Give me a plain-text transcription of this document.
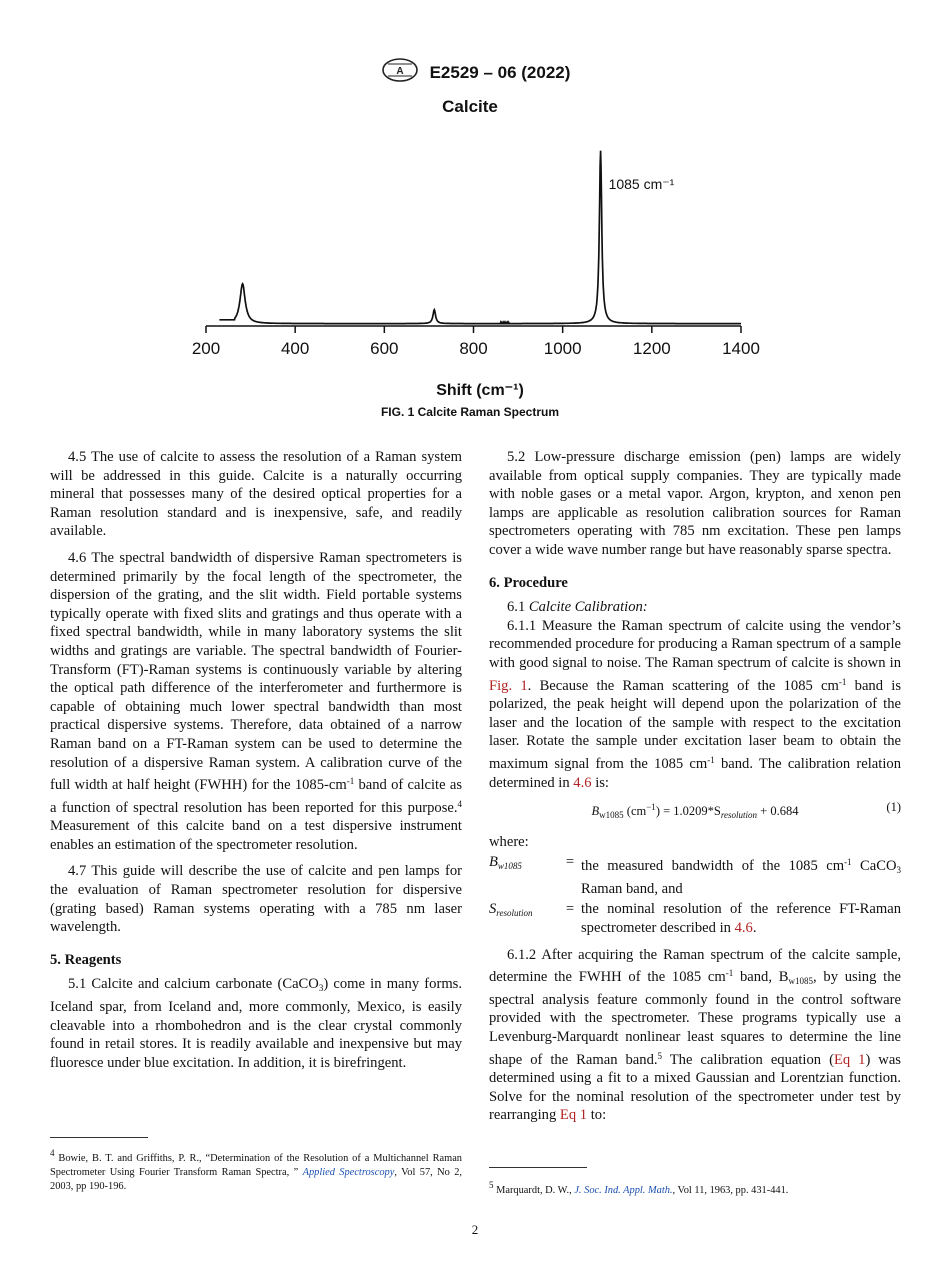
A E2529 – 06 (2022)
Calcite
200	400	600	800	1000	1200	1400
1085 cm⁻¹
Shift (cm⁻¹)
FIG. 1 Calcite Raman Spectrum

4.5 The use of calcite to assess the resolution of a Raman system will be addressed in this guide. Calcite is a naturally occurring mineral that possesses many of the desired optical properties for a Raman resolution standard and is inexpensive, safe, and readily available.

4.6 The spectral bandwidth of dispersive Raman spectrometers is determined primarily by the focal length of the spectrometer, the dispersion of the grating, and the slit width. Field portable systems typically operate with fixed slits and gratings and thus operate with a fixed spectral bandwidth, while in many laboratory systems the slit widths and gratings are variable. The spectral bandwidth of Fourier-Transform (FT)-Raman systems is continuously variable by altering the optical path difference of the interferometer and furthermore is capable of obtaining much lower spectral bandwidth than most practical dispersive systems. Therefore, data obtained of a narrow Raman band on a FT-Raman system can be used to determine the resolution of a dispersive Raman system. A calibration curve of the full width at half height (FWHH) for the $1085-cm^{-1}$ band of calcite as a function of spectral resolution has been reported for this purpose.$^4$ Measurement of this calcite band on a test dispersive instrument enables an estimation of the spectrometer resolution.

4.7 This guide will describe the use of calcite and pen lamps for the evaluation of Raman spectrometer resolution for dispersive (grating based) Raman systems operating with a 785 nm laser wavelength.

5. Reagents

5.1 Calcite and calcium carbonate (CaCO$_3$) come in many forms. Iceland spar, from Iceland and, more commonly, Mexico, is easily cleavable into a rhombohedron and is the clear crystal commonly found in retail stores. It is readily available and inexpensive but may fluoresce under blue excitation. In addition, it is birefringent.

$^4$ Bowie, B. T. and Griffiths, P. R., “Determination of the Resolution of a Multichannel Raman Spectrometer Using Fourier Transform Raman Spectra, ” Applied Spectroscopy, Vol 57, No 2, 2003, pp 190-196.

5.2 Low-pressure discharge emission (pen) lamps are widely available from optical supply companies. They are typically made with noble gases or a metal vapor. Argon, krypton, and xenon pen lamps are applicable as resolution calibration sources for Raman spectrometers operating with 785 nm excitation. These pen lamps cover a wide wave number range but have reasonably sparse spectra.

6. Procedure

6.1 Calcite Calibration:

6.1.1 Measure the Raman spectrum of calcite using the vendor’s recommended procedure for producing a Raman spectrum of a sample with good signal to noise. The Raman spectrum of calcite is shown in Fig. 1. Because the Raman scattering of the 1085 $cm^{-1}$ band is polarized, the peak height will depend upon the polarization of the laser and the location of the sample with respect to the excitation laser. Rotate the sample under excitation laser beam to obtain the maximum signal from the 1085 $cm^{-1}$ band. The calibration relation determined in 4.6 is:

$B_{w1085}$ $(cm^{-1}) = 1.0209*S_{resolution} + 0.684$	(1)

where:

$B_{w1085}$	= the measured bandwidth of the 1085 $cm^{-1}$ CaCO$_3$ Raman band, and
$S_{resolution}$	= the nominal resolution of the reference FT-Raman spectrometer described in 4.6.

6.1.2 After acquiring the Raman spectrum of the calcite sample, determine the FWHH of the 1085 $cm^{-1}$ band, $B_{w1085}$, by using the spectral analysis feature commonly found in the control software provided with the spectrometer. These programs typically use a Levenburg-Marquardt nonlinear least squares to determine the line shape of the Raman band.$^5$ The calibration equation (Eq 1) was determined using a fit to a mixed Gaussian and Lorentzian function. Solve for the nominal resolution of the spectrometer under test by rearranging Eq 1 to:

$^5$ Marquardt, D. W., J. Soc. Ind. Appl. Math., Vol 11, 1963, pp. 431-441.
2
